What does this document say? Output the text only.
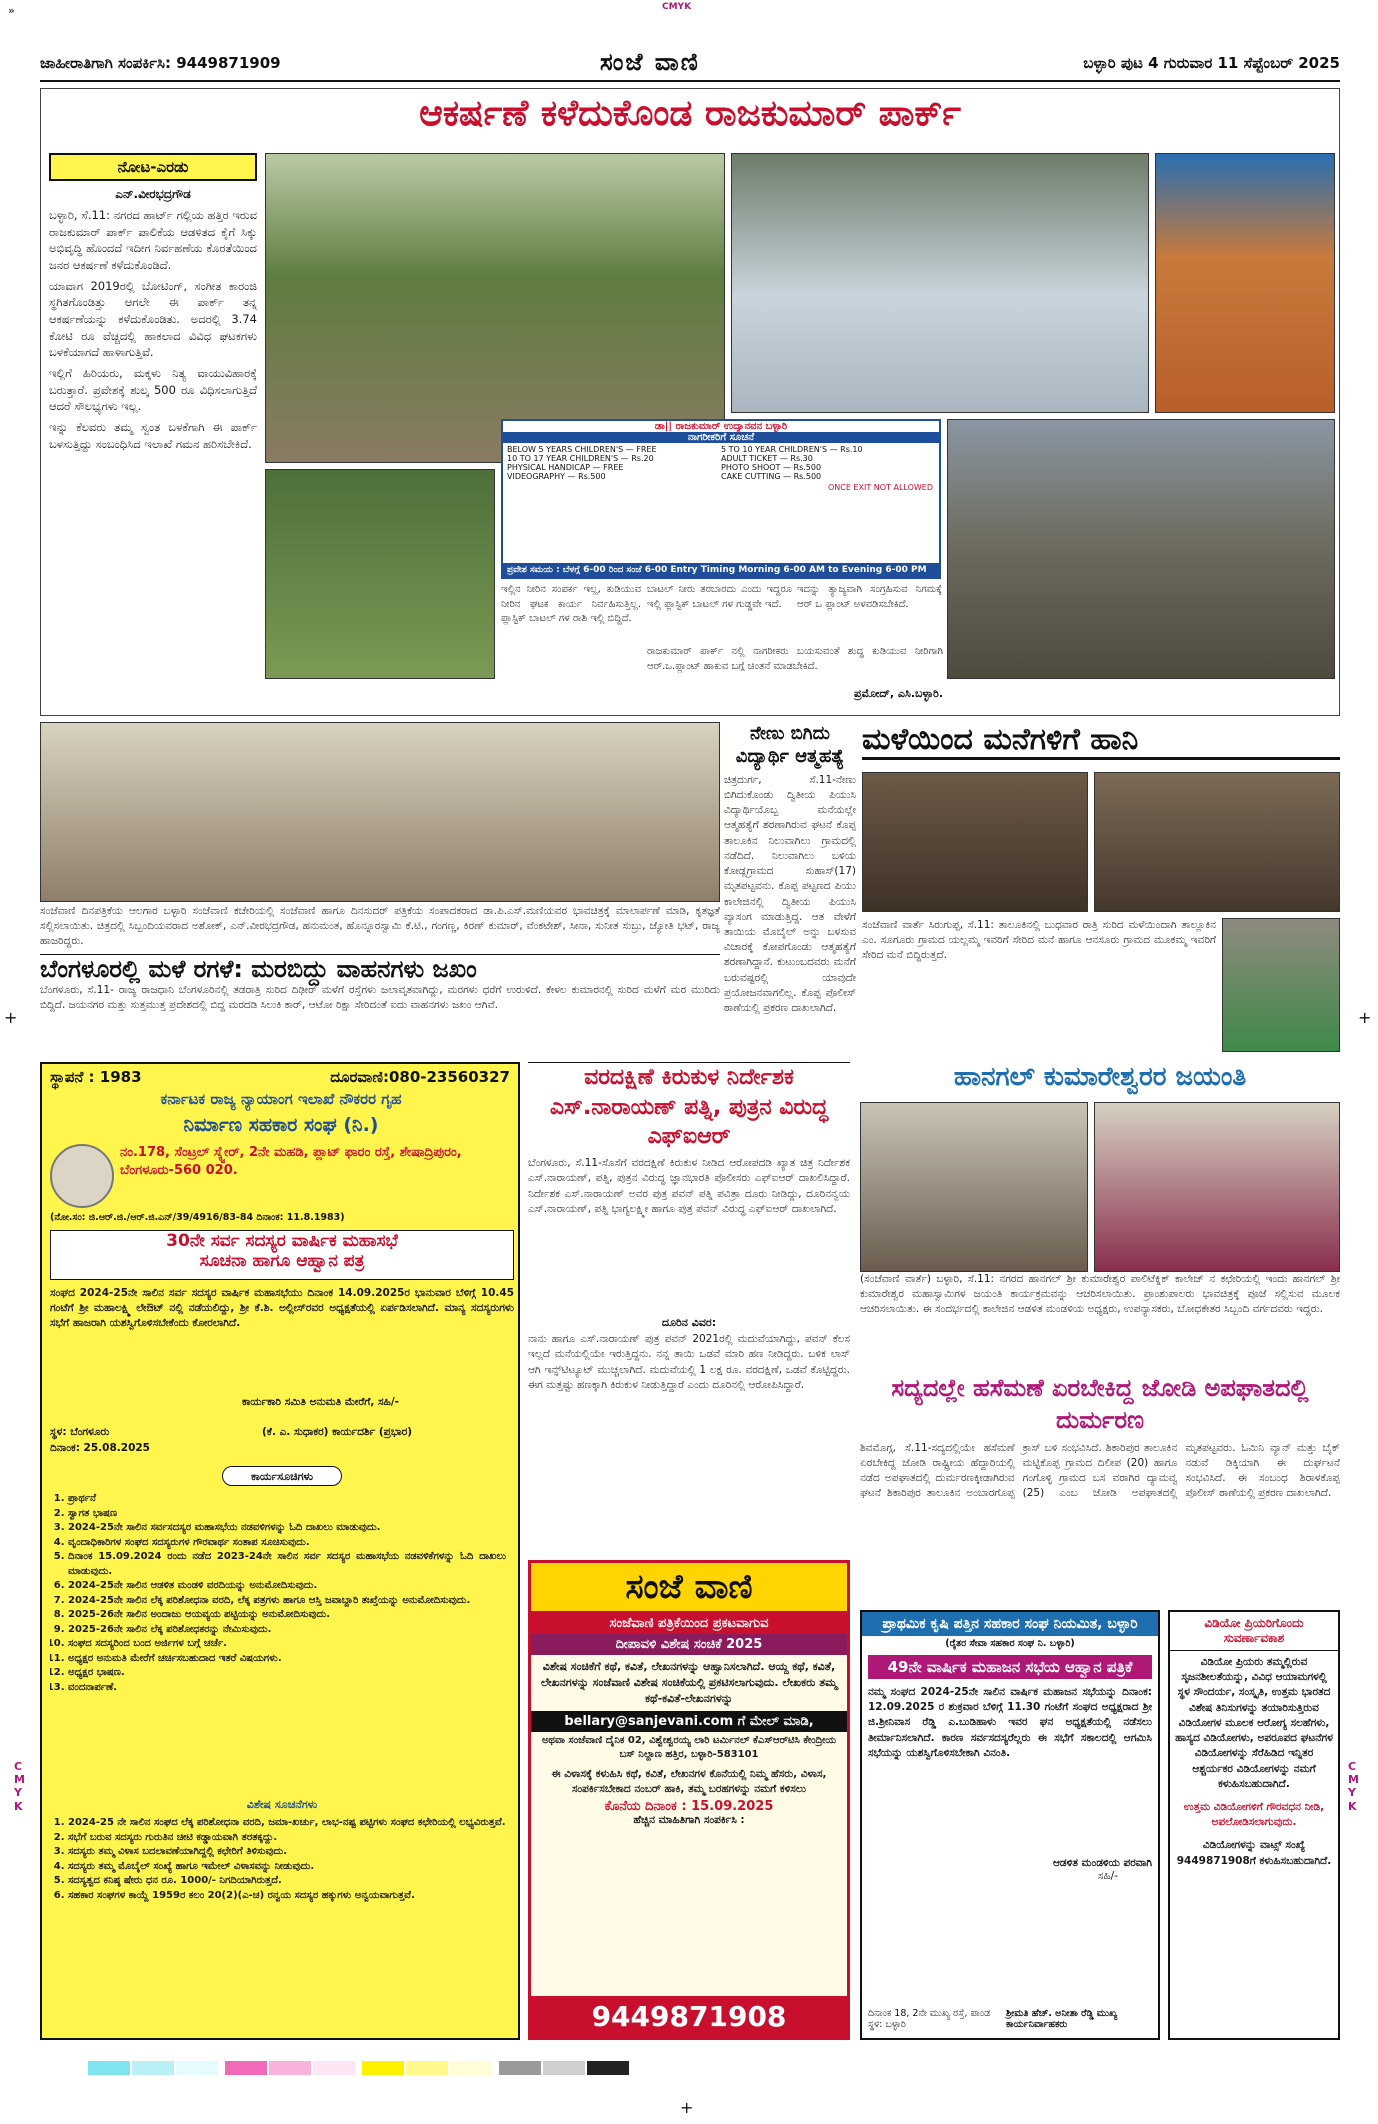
»	CMYK
ಜಾಹೀರಾತಿಗಾಗಿ ಸಂಪರ್ಕಿಸಿ: 9449871909	ಸಂಜೆ ವಾಣಿ	ಬಳ್ಳಾರಿ ಪುಟ 4 ಗುರುವಾರ 11 ಸೆಪ್ಟೆಂಬರ್ 2025
ಆಕರ್ಷಣೆ ಕಳೆದುಕೊಂಡ ರಾಜಕುಮಾರ್ ಪಾರ್ಕ್
ನೋಟ-ಎರಡು
ಎನ್.ವೀರಭದ್ರಗೌಡ

ಬಳ್ಳಾರಿ, ಸೆ.11: ನಗರದ ಹಾರ್ಟ್ ಗಲ್ಲಿಯ ಹತ್ತಿರ ಇರುವ ರಾಜಕುಮಾರ್ ಪಾರ್ಕ್ ಪಾಲಿಕೆಯ ಆಡಳಿತದ ಕೈಗೆ ಸಿಕ್ಕು ಅಭಿವೃದ್ಧಿ ಹೊಂದದೆ ಇದೀಗ ನಿರ್ವಹಣೆಯ ಕೊರತೆಯಿಂದ ಜನರ ಆಕರ್ಷಣೆ ಕಳೆದುಕೊಂಡಿದೆ.

ಯಾವಾಗ 2019ರಲ್ಲಿ ಬೋಟಿಂಗ್, ಸಂಗೀತ ಕಾರಂಜಿ ಸ್ಥಗಿತಗೊಂಡಿತ್ತು ಆಗಲೇ ಈ ಪಾರ್ಕ್ ತನ್ನ ಆಕರ್ಷಣೆಯನ್ನು ಕಳೆದುಕೊಂಡಿತು. ಅದರಲ್ಲಿ 3.74 ಕೋಟಿ ರೂ ವೆಚ್ಚದಲ್ಲಿ ಹಾಕಲಾದ ವಿವಿಧ ಘಟಕಗಳು ಬಳಕೆಯಾಗದೆ ಹಾಳಾಗುತ್ತಿವೆ.

ಇಲ್ಲಿಗೆ ಹಿರಿಯರು, ಮಕ್ಕಳು ನಿತ್ಯ ವಾಯುವಿಹಾರಕ್ಕೆ ಬರುತ್ತಾರೆ. ಪ್ರವೇಶಕ್ಕೆ ಶುಲ್ಕ 500 ರೂ ವಿಧಿಸಲಾಗುತ್ತಿದೆ ಆದರೆ ಸೌಲಭ್ಯಗಳು ಇಲ್ಲ.

ಇನ್ನು ಕೆಲವರು ತಮ್ಮ ಸ್ವಂತ ಬಳಕೆಗಾಗಿ ಈ ಪಾರ್ಕ್ ಬಳಸುತ್ತಿದ್ದು ಸಂಬಂಧಿಸಿದ ಇಲಾಖೆ ಗಮನ ಹರಿಸಬೇಕಿದೆ.

ಡಾ|| ರಾಜಕುಮಾರ್ ಉದ್ಯಾನವನ ಬಳ್ಳಾರಿ
ನಾಗರೀಕರಿಗೆ ಸೂಚನೆ
BELOW 5 YEARS CHILDREN'S — FREE	5 TO 10 YEAR CHILDREN'S — Rs.10
10 TO 17 YEAR CHILDREN'S — Rs.20	ADULT TICKET — Rs.30
PHYSICAL HANDICAP — FREE	PHOTO SHOOT — Rs.500
VIDEOGRAPHY — Rs.500	CAKE CUTTING — Rs.500
ONCE EXIT NOT ALLOWED
ಪ್ರವೇಶ ಸಮಯ : ಬೆಳಗ್ಗೆ 6-00 ರಿಂದ ಸಂಜೆ 6-00 Entry Timing Morning 6-00 AM to Evening 6-00 PM
ಇಲ್ಲಿನ ನೀರಿನ ಸಂಪರ್ಕ ಇಲ್ಲ, ಕುಡಿಯುವ ನೀರಿನ ಘಟಕ ಕಾರ್ಯ ನಿರ್ವಹಿಸುತ್ತಿಲ್ಲ. ಪ್ಲಾಸ್ಟಿಕ್ ಬಾಟಲ್ ಗಳ ರಾಶಿ ಇಲ್ಲಿ ಬಿದ್ದಿದೆ.
ಬಾಟಲ್ ನೀರು ತರಬಾರದು ಎಂದು ಇದ್ದರೂ ಇಲ್ಲಿ ಪ್ಲಾಸ್ಟಿಕ್ ಬಾಟಲ್ ಗಳ ಗುಡ್ಡವೇ ಇದೆ.
ಇದನ್ನು ತ್ಯಾಜ್ಯವಾಗಿ ಸಂಗ್ರಹಿಸುವ ನಿಗಮಕ್ಕೆ ಆರ್ ಒ ಪ್ಲಾಂಟ್ ಅಳವಡಿಸಬೇಕಿದೆ.
ರಾಜಕುಮಾರ್ ಪಾರ್ಕ್ ನಲ್ಲಿ ನಾಗರೀಕರು ಬಯಸುವಂತೆ ಶುದ್ಧ ಕುಡಿಯುವ ನೀರಿಗಾಗಿ ಆರ್.ಒ.ಪ್ಲಾಂಟ್ ಹಾಕುವ ಬಗ್ಗೆ ಚಿಂತನೆ ಮಾಡಬೇಕಿದೆ.
ಪ್ರಮೋದ್, ಎಸಿ.ಬಳ್ಳಾರಿ.
ಸಂಜೆವಾಣಿ ದಿನಪತ್ರಿಕೆಯ ಆಲಗಾರ ಬಳ್ಳಾರಿ ಸಂಜೆವಾಣಿ ಕಚೇರಿಯಲ್ಲಿ ಸಂಜೆವಾಣಿ ಹಾಗೂ ದಿನಸುದರ್ ಪತ್ರಿಕೆಯ ಸಂಪಾದಕರಾದ ಡಾ.ಪಿ.ಎಸ್.ಮಣಿಯವರ ಭಾವಚಿತ್ರಕ್ಕೆ ಮಾಲಾರ್ಪಣೆ ಮಾಡಿ, ಕೃತಜ್ಞತೆ ಸಲ್ಲಿಸಲಾಯಿತು. ಚಿತ್ರದಲ್ಲಿ ಸಿಬ್ಬಂದಿಯವರಾದ ಅಶೋಕ್, ಎನ್.ವೀರಭದ್ರಗೌಡ, ಹನುಮಂತ, ಹೊನ್ನೂರಸ್ವಾಮಿ ಕೆ.ಟಿ., ಗಂಗಣ್ಣ, ಕಿರಣ್ ಕುಮಾರ್, ವೆಂಕಟೇಶ್, ಸೀನಾ, ಸುನೀತ ಸುಬ್ರು, ಜ್ಯೋತಿ ಭಟ್, ರಾಜ್ಯ ಹಾಜರಿದ್ದರು.
ನೇಣು ಬಿಗಿದು ವಿದ್ಯಾರ್ಥಿ ಆತ್ಮಹತ್ಯೆ
ಚಿತ್ರದುರ್ಗ, ಸೆ.11-ನೇಣು ಬಿಗಿದುಕೊಂಡು ದ್ವಿತೀಯ ಪಿಯುಸಿ ವಿದ್ಯಾರ್ಥಿಯೊಬ್ಬ ಮನೆಯಲ್ಲೇ ಆತ್ಮಹತ್ಯೆಗೆ ಶರಣಾಗಿರುವ ಘಟನೆ ಕೊಪ್ಪ ತಾಲೂಕಿನ ನಿಲುವಾಗಿಲು ಗ್ರಾಮದಲ್ಲಿ ನಡೆದಿದೆ. ನಿಲುವಾಗಿಲು ಬಳಿಯ ಕೋಡ್ಲಗ್ರಾಮದ ಸುಹಾಸ್(17) ಮೃತಪಟ್ಟವನು. ಕೊಪ್ಪ ಪಟ್ಟಣದ ಪಿಯು ಕಾಲೇಜಿನಲ್ಲಿ ದ್ವಿತೀಯ ಪಿಯುಸಿ ವ್ಯಾಸಂಗ ಮಾಡುತ್ತಿದ್ದ. ಆತ ವೇಳೆಗೆ ತಾಯಿಯ ಮೊಬೈಲ್ ಅನ್ನು ಬಳಸುವ ವಿಚಾರಕ್ಕೆ ಕೋಪಗೊಂಡು ಆತ್ಮಹತ್ಯೆಗೆ ಶರಣಾಗಿದ್ದಾನೆ. ಕುಟುಂಬದವರು ಮನೆಗೆ ಬರುವಷ್ಟರಲ್ಲಿ ಯಾವುದೇ ಪ್ರಯೋಜನವಾಗಲಿಲ್ಲ. ಕೊಪ್ಪ ಪೊಲೀಸ್ ಠಾಣೆಯಲ್ಲಿ ಪ್ರಕರಣ ದಾಖಲಾಗಿದೆ.
ಮಳೆಯಿಂದ ಮನೆಗಳಿಗೆ ಹಾನಿ
ಸಂಜೆವಾಣಿ ವಾರ್ತೆ ಸಿರುಗುಪ್ಪ, ಸೆ.11: ತಾಲೂಕಿನಲ್ಲಿ ಬುಧವಾರ ರಾತ್ರಿ ಸುರಿದ ಮಳೆಯಿಂದಾಗಿ ತಾಲ್ಲೂಕಿನ ಎಂ. ಸೂಗೂರು ಗ್ರಾಮದ ಯಲ್ಲಮ್ಮ ಇವರಿಗೆ ಸೇರಿದ ಮನೆ ಹಾಗೂ ಆನಸೂರು ಗ್ರಾಮದ ಮೂಕಮ್ಮ ಇವರಿಗೆ ಸೇರಿದ ಮನೆ ಬಿದ್ದಿರುತ್ತದೆ.
ಬೆಂಗಳೂರಲ್ಲಿ ಮಳೆ ರಗಳೆ: ಮರಬಿದ್ದು ವಾಹನಗಳು ಜಖಂ
ಬೆಂಗಳೂರು, ಸೆ.11- ರಾಜ್ಯ ರಾಜಧಾನಿ ಬೆಂಗಳೂರಿನಲ್ಲಿ ತಡರಾತ್ರಿ ಸುರಿದ ದಿಢೀರ್ ಮಳೆಗೆ ರಸ್ತೆಗಳು ಜಲಾವೃತವಾಗಿದ್ದು, ಮರಗಳು ಧರೆಗೆ ಉರುಳಿದೆ. ಕೇಳಲ ಕುಮಾರನಲ್ಲಿ ಸುರಿದ ಮಳೆಗೆ ಮರ ಮುರಿದು ಬಿದ್ದಿದೆ. ಜಯನಗರ ಮತ್ತು ಸುತ್ತಮುತ್ತ ಪ್ರದೇಶದಲ್ಲಿ ಬಿದ್ದ ಮರದಡಿ ಸಿಲುಕಿ ಕಾರ್, ಆಟೋ ರಿಕ್ಷಾ ಸೇರಿದಂತೆ ಐದು ವಾಹನಗಳು ಜಖಂ ಆಗಿವೆ.
+	+
C M Y K
C M Y K
ಸ್ಥಾಪನೆ : 1983	ದೂರವಾಣಿ:080-23560327
ಕರ್ನಾಟಕ ರಾಜ್ಯ ನ್ಯಾಯಾಂಗ ಇಲಾಖೆ ನೌಕರರ ಗೃಹ
ನಿರ್ಮಾಣ ಸಹಕಾರ ಸಂಘ (ನಿ.)
ನಂ.178, ಸೆಂಟ್ರಲ್ ಸ್ಕ್ವೇರ್, 2ನೇ ಮಹಡಿ, ಪ್ಲಾಟ್ ಫಾರಂ ರಸ್ತೆ, ಶೇಷಾದ್ರಿಪುರಂ, ಬೆಂಗಳೂರು-560 020.
(ನೋ.ಸಂ: ಜಿ.ಆರ್.ಜಿ./ಆರ್.ಜಿ.ಎನ್/39/4916/83-84 ದಿನಾಂಕ: 11.8.1983)
30ನೇ ಸರ್ವ ಸದಸ್ಯರ ವಾರ್ಷಿಕ ಮಹಾಸಭೆ
ಸೂಚನಾ ಹಾಗೂ ಆಹ್ವಾನ ಪತ್ರ
ಸಂಘದ 2024-25ನೇ ಸಾಲಿನ ಸರ್ವ ಸದಸ್ಯರ ವಾರ್ಷಿಕ ಮಹಾಸಭೆಯು ದಿನಾಂಕ 14.09.2025ರ ಭಾನುವಾರ ಬೆಳಿಗ್ಗೆ 10.45 ಗಂಟೆಗೆ ಶ್ರೀ ಮಹಾಲಕ್ಷ್ಮಿ ಲೇಔಟ್ ನಲ್ಲಿ ನಡೆಯಲಿದ್ದು, ಶ್ರೀ ಕೆ.ಶಿ. ಅಲ್ಲೀಸ್‌ರವರ ಅಧ್ಯಕ್ಷತೆಯಲ್ಲಿ ಏರ್ಪಡಿಸಲಾಗಿದೆ. ಮಾನ್ಯ ಸದಸ್ಯರುಗಳು ಸಭೆಗೆ ಹಾಜರಾಗಿ ಯಶಸ್ವಿಗೊಳಿಸಬೇಕೆಂದು ಕೋರಲಾಗಿದೆ.
ಕಾರ್ಯಕಾರಿ ಸಮಿತಿ ಅನುಮತಿ ಮೇರೆಗೆ, ಸಹಿ/-
ಸ್ಥಳ: ಬೆಂಗಳೂರು
ದಿನಾಂಕ: 25.08.2025
(ಕೆ. ಎ. ಸುಧಾಕರ) ಕಾರ್ಯದರ್ಶಿ (ಪ್ರಭಾರ)
ಕಾರ್ಯಸೂಚಿಗಳು
1. ಪ್ರಾರ್ಥನೆ
2. ಸ್ವಾಗತ ಭಾಷಣ
3. 2024-25ನೇ ಸಾಲಿನ ಸರ್ವಸದಸ್ಯರ ಮಹಾಸಭೆಯ ನಡವಳಿಗಳನ್ನು ಓದಿ ದಾಖಲು ಮಾಡುವುದು.
4. ವೃಂದಾಧಿಕಾರಿಗಳ ಸಂಘದ ಸದಸ್ಯರುಗಳ ಗೌರವಾರ್ಥ ಸಂತಾಪ ಸೂಚಿಸುವುದು.
5. ದಿನಾಂಕ 15.09.2024 ರಂದು ನಡೆದ 2023-24ನೇ ಸಾಲಿನ ಸರ್ವ ಸದಸ್ಯರ ಮಹಾಸಭೆಯ ನಡವಳಿಕೆಗಳನ್ನು ಓದಿ ದಾಖಲು ಮಾಡುವುದು.
6. 2024-25ನೇ ಸಾಲಿನ ಆಡಳಿತ ಮಂಡಳಿ ವರದಿಯನ್ನು ಅನುಮೋದಿಸುವುದು.
7. 2024-25ನೇ ಸಾಲಿನ ಲೆಕ್ಕ ಪರಿಶೋಧನಾ ವರದಿ, ಲೆಕ್ಕ ಪತ್ರಗಳು ಹಾಗೂ ಆಸ್ತಿ ಜವಾಬ್ದಾರಿ ತಃಖ್ತೆಯನ್ನು ಅನುಮೋದಿಸುವುದು.
8. 2025-26ನೇ ಸಾಲಿನ ಅಂದಾಜು ಆಯವ್ಯಯ ಪಟ್ಟಿಯನ್ನು ಅನುಮೋದಿಸುವುದು.
9. 2025-26ನೇ ಸಾಲಿನ ಲೆಕ್ಕ ಪರಿಶೋಧಕರನ್ನು ನೇಮಿಸುವುದು.
10. ಸಂಘದ ಸದಸ್ಯರಿಂದ ಬಂದ ಅರ್ಜಿಗಳ ಬಗ್ಗೆ ಚರ್ಚೆ.
11. ಅಧ್ಯಕ್ಷರ ಅನುಮತಿ ಮೇರೆಗೆ ಚರ್ಚಿಸಬಹುದಾದ ಇತರೆ ವಿಷಯಗಳು.
12. ಅಧ್ಯಕ್ಷರ ಭಾಷಣ.
13. ವಂದನಾರ್ಪಣೆ.
ವಿಶೇಷ ಸೂಚನೆಗಳು
1. 2024-25 ನೇ ಸಾಲಿನ ಸಂಘದ ಲೆಕ್ಕ ಪರಿಶೋಧನಾ ವರದಿ, ಜಮಾ-ಖರ್ಚು, ಲಾಭ-ನಷ್ಟ ಪಟ್ಟಿಗಳು ಸಂಘದ ಕಛೇರಿಯಲ್ಲಿ ಲಭ್ಯವಿರುತ್ತವೆ.
2. ಸಭೆಗೆ ಬರುವ ಸದಸ್ಯರು ಗುರುತಿನ ಚೀಟಿ ಕಡ್ಡಾಯವಾಗಿ ತರತಕ್ಕದ್ದು.
3. ಸದಸ್ಯರು ತಮ್ಮ ವಿಳಾಸ ಬದಲಾವಣೆಯಾಗಿದ್ದಲ್ಲಿ ಕಛೇರಿಗೆ ತಿಳಿಸುವುದು.
4. ಸದಸ್ಯರು ತಮ್ಮ ಮೊಬೈಲ್ ಸಂಖ್ಯೆ ಹಾಗೂ ಇಮೇಲ್ ವಿಳಾಸವನ್ನು ನೀಡುವುದು.
5. ಸದಸ್ಯತ್ವದ ಕನಿಷ್ಠ ಷೇರು ಧನ ರೂ. 1000/- ನಿಗದಿಯಾಗಿರುತ್ತದೆ.
6. ಸಹಕಾರ ಸಂಘಗಳ ಕಾಯ್ದೆ 1959ರ ಕಲಂ 20(2)(ಎ-ಚ) ರನ್ವಯ ಸದಸ್ಯರ ಹಕ್ಕುಗಳು ಅನ್ವಯವಾಗುತ್ತವೆ.
ವರದಕ್ಷಿಣೆ ಕಿರುಕುಳ ನಿರ್ದೇಶಕ ಎಸ್.ನಾರಾಯಣ್ ಪತ್ನಿ, ಪುತ್ರನ ವಿರುದ್ಧ ಎಫ್‌ಐಆರ್
ಬೆಂಗಳೂರು, ಸೆ.11-ಸೊಸೆಗೆ ವರದಕ್ಷಿಣೆ ಕಿರುಕುಳ ನೀಡಿದ ಆರೋಪದಡಿ ಖ್ಯಾತ ಚಿತ್ರ ನಿರ್ದೇಶಕ ಎಸ್.ನಾರಾಯಣ್, ಪತ್ನಿ, ಪುತ್ರನ ವಿರುದ್ಧ ಜ್ಞಾನಭಾರತಿ ಪೊಲೀಸರು ಎಫ್‌ಐಆರ್ ದಾಖಲಿಸಿದ್ದಾರೆ. ನಿರ್ದೇಶಕ ಎಸ್.ನಾರಾಯಣ್ ಅವರ ಪುತ್ರ ಪವನ್ ಪತ್ನಿ ಪವಿತ್ರಾ ದೂರು ನೀಡಿದ್ದು, ದೂರಿನನ್ವಯ ಎಸ್.ನಾರಾಯಣ್, ಪತ್ನಿ ಭಾಗ್ಯಲಕ್ಷ್ಮೀ ಹಾಗೂ ಪುತ್ರ ಪವನ್ ವಿರುದ್ಧ ಎಫ್‌ಐಆರ್ ದಾಖಲಾಗಿದೆ.
ದೂರಿನ ವಿವರ:
ನಾನು ಹಾಗೂ ಎಸ್.ನಾರಾಯಣ್ ಪುತ್ರ ಪವನ್ 2021ರಲ್ಲಿ ಮದುವೆಯಾಗಿದ್ದು, ಪವನ್ ಕೆಲಸ ಇಲ್ಲದೆ ಮನೆಯಲ್ಲಿಯೇ ಇರುತ್ತಿದ್ದನು. ನನ್ನ ತಾಯಿ ಒಡವೆ ಮಾರಿ ಹಣ ನೀಡಿದ್ದರು. ಬಳಿಕ ಲಾಸ್ ಆಗಿ ಇನ್ಸ್‌ಟಿಟ್ಯೂಟ್ ಮುಚ್ಚಲಾಗಿದೆ. ಮದುವೆಯಲ್ಲಿ 1 ಲಕ್ಷ ರೂ. ವರದಕ್ಷಿಣೆ, ಒಡವೆ ಕೊಟ್ಟಿದ್ದರು. ಈಗ ಮತ್ತಷ್ಟು ಹಣಕ್ಕಾಗಿ ಕಿರುಕುಳ ನೀಡುತ್ತಿದ್ದಾರೆ ಎಂದು ದೂರಿನಲ್ಲಿ ಆರೋಪಿಸಿದ್ದಾರೆ.
ಸಂಜೆ ವಾಣಿ
ಸಂಜೆವಾಣಿ ಪತ್ರಿಕೆಯಿಂದ ಪ್ರಕಟವಾಗುವ
ದೀಪಾವಳಿ ವಿಶೇಷ ಸಂಚಿಕೆ 2025
ವಿಶೇಷ ಸಂಚಿಕೆಗೆ ಕಥೆ, ಕವಿತೆ, ಲೇಖನಗಳನ್ನು ಆಹ್ವಾನಿಸಲಾಗಿದೆ. ಆಯ್ದ ಕಥೆ, ಕವಿತೆ, ಲೇಖನಗಳನ್ನು ಸಂಜೆವಾಣಿ ವಿಶೇಷ ಸಂಚಿಕೆಯಲ್ಲಿ ಪ್ರಕಟಿಸಲಾಗುವುದು. ಲೇಖಕರು ತಮ್ಮ ಕಥೆ-ಕವಿತೆ-ಲೇಖನಗಳನ್ನು
bellary@sanjevani.com ಗೆ ಮೇಲ್ ಮಾಡಿ,
ಅಥವಾ ಸಂಜೆವಾಣಿ ದೈನಿಕ 02, ವಿಶ್ವೇಶ್ವರಯ್ಯ ಲಾರಿ ಟರ್ಮಿನಲ್ ಕೆಎಸ್‌ಆರ್‌ಟಿಸಿ ಕೇಂದ್ರೀಯ ಬಸ್ ನಿಲ್ದಾಣ ಹತ್ತಿರ, ಬಳ್ಳಾರಿ-583101
ಈ ವಿಳಾಸಕ್ಕೆ ಕಳುಹಿಸಿ ಕಥೆ, ಕವಿತೆ, ಲೇಖನಗಳ ಕೊನೆಯಲ್ಲಿ ನಿಮ್ಮ ಹೆಸರು, ವಿಳಾಸ, ಸಂಪರ್ಕಿಸಬೇಕಾದ ನಂಬರ್ ಹಾಕಿ, ತಮ್ಮ ಬರಹಗಳನ್ನು ನಮಗೆ ಕಳಿಸಲು
ಕೊನೆಯ ದಿನಾಂಕ : 15.09.2025
ಹೆಚ್ಚಿನ ಮಾಹಿತಿಗಾಗಿ ಸಂಪರ್ಕಿಸಿ :
9449871908
ಹಾನಗಲ್ ಕುಮಾರೇಶ್ವರರ ಜಯಂತಿ
(ಸಂಜೆವಾಣಿ ವಾರ್ತೆ) ಬಳ್ಳಾರಿ, ಸೆ.11: ನಗರದ ಹಾನಗಲ್ ಶ್ರೀ ಕುಮಾರೇಶ್ವರ ಪಾಲಿಟೆಕ್ನಿಕ್ ಕಾಲೇಜ್ ನ ಕಛೇರಿಯಲ್ಲಿ ಇಂದು ಹಾನಗಲ್ ಶ್ರೀ ಕುಮಾರೇಶ್ವರ ಮಹಾಸ್ವಾಮಿಗಳ ಜಯಂತಿ ಕಾರ್ಯಕ್ರಮವನ್ನು ಆಚರಿಸಲಾಯಿತು. ಪ್ರಾಂಶುಪಾಲರು ಭಾವಚಿತ್ರಕ್ಕೆ ಪೂಜೆ ಸಲ್ಲಿಸುವ ಮೂಲಕ ಆಚರಿಸಲಾಯಿತು. ಈ ಸಂದರ್ಭದಲ್ಲಿ ಕಾಲೇಜಿನ ಆಡಳಿತ ಮಂಡಳಿಯ ಅಧ್ಯಕ್ಷರು, ಉಪನ್ಯಾಸಕರು, ಬೋಧಕೇತರ ಸಿಬ್ಬಂದಿ ವರ್ಗದವರು ಇದ್ದರು.
ಸದ್ಯದಲ್ಲೇ ಹಸೆಮಣೆ ಏರಬೇಕಿದ್ದ ಜೋಡಿ ಅಪಘಾತದಲ್ಲಿ ದುರ್ಮರಣ
ಶಿವಮೊಗ್ಗ, ಸೆ.11-ಸದ್ಯದಲ್ಲಿಯೇ ಹಸೆಮಣೆ ಏರಬೇಕಿದ್ದ ಜೋಡಿ ರಾಷ್ಟ್ರೀಯ ಹೆದ್ದಾರಿಯಲ್ಲಿ ನಡೆದ ಅಪಘಾತದಲ್ಲಿ ದುರ್ಮರಣಕ್ಕೀಡಾಗಿರುವ ಘಟನೆ ಶಿಕಾರಿಪುರ ತಾಲೂಕಿನ ಅಂಬಾರಗೊಪ್ಪ ಕ್ರಾಸ್ ಬಳಿ ಸಂಭವಿಸಿದೆ. ಶಿಕಾರಿಪುರ ತಾಲೂಕಿನ ಮಟ್ಟಿಕೊಪ್ಪ ಗ್ರಾಮದ ದಿಲೀಪ (20) ಹಾಗೂ ಗಂಗೊಳ್ಳಿ ಗ್ರಾಮದ ಬಸ ವರಾಗಿರ ದ್ಯಾಮವ್ವ (25) ಎಂಬ ಜೋಡಿ ಅಪಘಾತದಲ್ಲಿ ಮೃತಪಟ್ಟವರು. ಓಮಿನಿ ವ್ಯಾನ್ ಮತ್ತು ಬೈಕ್ ನಡುವೆ ಡಿಕ್ಕಿಯಾಗಿ ಈ ದುರ್ಘಟನೆ ಸಂಭವಿಸಿದೆ. ಈ ಸಂಬಂಧ ಶಿರಾಳಕೊಪ್ಪ ಪೊಲೀಸ್ ಠಾಣೆಯಲ್ಲಿ ಪ್ರಕರಣ ದಾಖಲಾಗಿದೆ.
ಪ್ರಾಥಮಿಕ ಕೃಷಿ ಪತ್ತಿನ ಸಹಕಾರ ಸಂಘ ನಿಯಮಿತ, ಬಳ್ಳಾರಿ
(ರೈತರ ಸೇವಾ ಸಹಕಾರ ಸಂಘ ನಿ. ಬಳ್ಳಾರಿ)
49ನೇ ವಾರ್ಷಿಕ ಮಹಾಜನ ಸಭೆಯ ಆಹ್ವಾನ ಪತ್ರಿಕೆ
ನಮ್ಮ ಸಂಘದ 2024-25ನೇ ಸಾಲಿನ ವಾರ್ಷಿಕ ಮಹಾಜನ ಸಭೆಯನ್ನು ದಿನಾಂಕ: 12.09.2025 ರ ಶುಕ್ರವಾರ ಬೆಳಿಗ್ಗೆ 11.30 ಗಂಟೆಗೆ ಸಂಘದ ಅಧ್ಯಕ್ಷರಾದ ಶ್ರೀ ಜಿ.ಶ್ರೀನಿವಾಸ ರೆಡ್ಡಿ ಎ.ಬುಡಿಹಾಳು ಇವರ ಘನ ಅಧ್ಯಕ್ಷತೆಯಲ್ಲಿ ನಡೆಸಲು ತೀರ್ಮಾನಿಸಲಾಗಿದೆ. ಕಾರಣ ಸರ್ವಸದಸ್ಯರೆಲ್ಲರು ಈ ಸಭೆಗೆ ಸಕಾಲದಲ್ಲಿ ಆಗಮಿಸಿ ಸಭೆಯನ್ನು ಯಶಸ್ವಿಗೊಳಿಸಬೇಕಾಗಿ ವಿನಂತಿ.
ಆಡಳಿತ ಮಂಡಳಿಯ ಪರವಾಗಿ
ಸಹಿ/-
ದಿನಾಂಕ 18, 2ನೇ ಮುಖ್ಯ ರಸ್ತೆ, ಪಾಂಡ ಸ್ಥಳ: ಬಳ್ಳಾರಿ
ಶ್ರೀಮತಿ ಹೆಚ್. ಅನೀತಾ ರೆಡ್ಡಿ ಮುಖ್ಯ ಕಾರ್ಯನಿರ್ವಾಹಕರು
ವಿಡಿಯೋ ಪ್ರಿಯರಿಗೊಂದು ಸುವರ್ಣಾವಕಾಶ
ವಿಡಿಯೋ ಪ್ರಿಯರು ತಮ್ಮಲ್ಲಿರುವ ಸೃಜನಶೀಲತೆಯನ್ನು, ವಿವಿಧ ಆಯಾಮಗಳಲ್ಲಿ ಸ್ಥಳ ಸೌಂದರ್ಯ, ಸಂಸ್ಕೃತಿ, ಉತ್ತಮ ಭಾರತದ ವಿಶೇಷ ತಿನಿಸುಗಳನ್ನು ತಯಾರಿಸುತ್ತಿರುವ ವಿಡಿಯೋಗಳ ಮೂಲಕ ಆರೋಗ್ಯ ಸಲಹೆಗಳು, ಹಾಸ್ಯದ ವಿಡಿಯೋಗಳು, ಅಪರೂಪದ ಘಟನೆಗಳ ವಿಡಿಯೋಗಳನ್ನು ಸೆರೆಹಿಡಿದ ಇನ್ನಿತರ ಆಶ್ಚರ್ಯಕರ ವಿಡಿಯೋಗಳನ್ನು ನಮಗೆ ಕಳುಹಿಸಬಹುದಾಗಿದೆ.
ಉತ್ತಮ ವಿಡಿಯೋಗಳಿಗೆ ಗೌರವಧನ ನೀಡಿ, ಅಪಲೋಡಿಸಲಾಗುವುದು.
ವಿಡಿಯೋಗಳನ್ನು ವಾಟ್ಸ್ ಸಂಖ್ಯೆ 9449871908ಗೆ ಕಳುಹಿಸಬಹುದಾಗಿದೆ.

+
